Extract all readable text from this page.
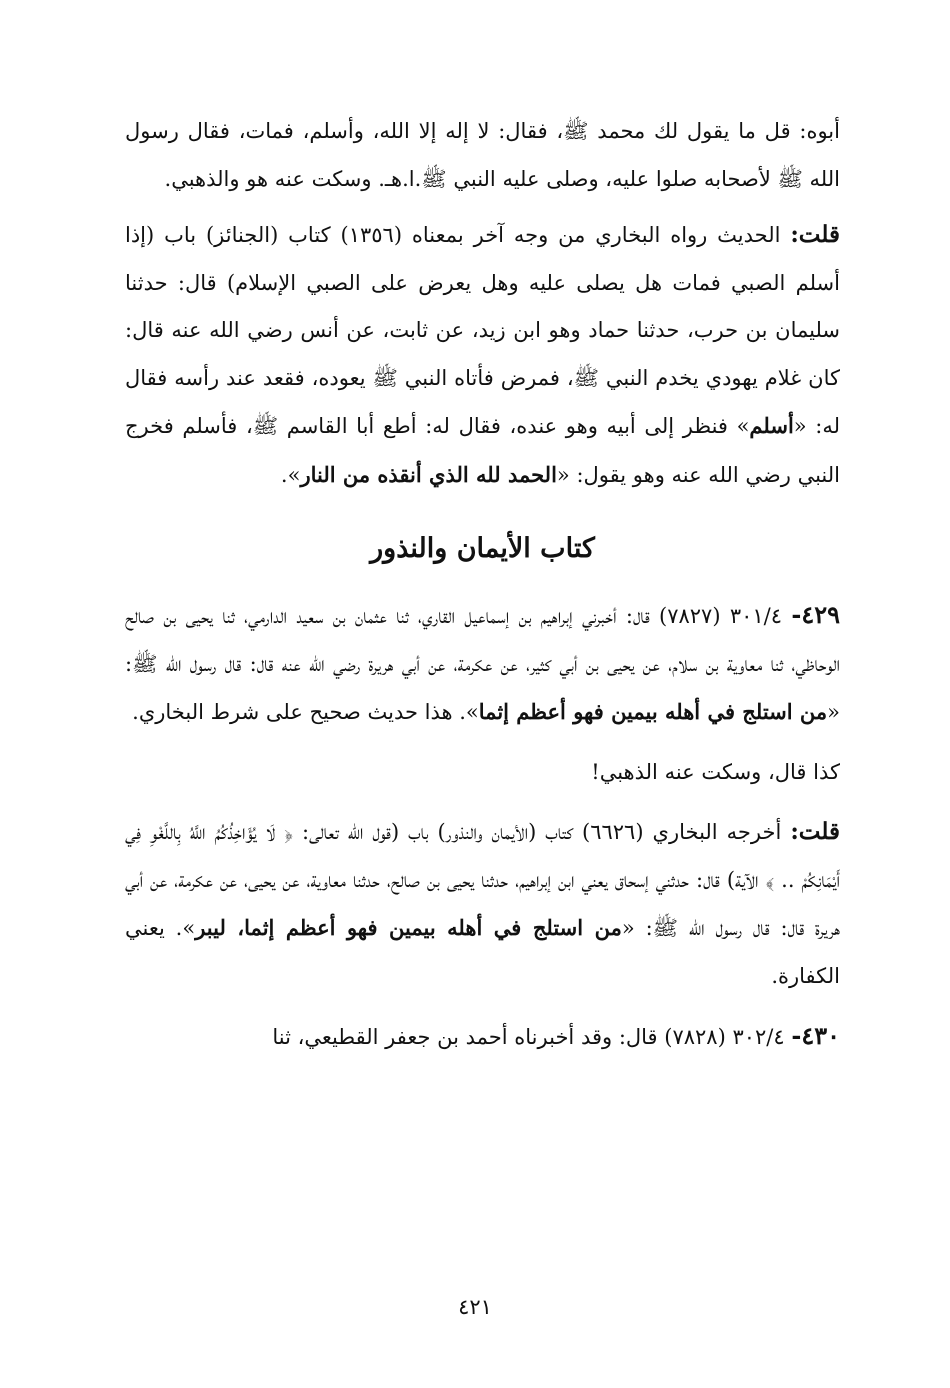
أبوه: قل ما يقول لك محمد ﷺ، فقال: لا إله إلا الله، وأسلم، فمات، فقال رسول الله ﷺ لأصحابه صلوا عليه، وصلى عليه النبي ﷺ.ا.هـ. وسكت عنه هو والذهبي.

قلت: الحديث رواه البخاري من وجه آخر بمعناه (١٣٥٦) كتاب (الجنائز) باب (إذا أسلم الصبي فمات هل يصلى عليه وهل يعرض على الصبي الإسلام) قال: حدثنا سليمان بن حرب، حدثنا حماد وهو ابن زيد، عن ثابت، عن أنس رضي الله عنه قال: كان غلام يهودي يخدم النبي ﷺ، فمرض فأتاه النبي ﷺ يعوده، فقعد عند رأسه فقال له: «أسلم» فنظر إلى أبيه وهو عنده، فقال له: أطع أبا القاسم ﷺ، فأسلم فخرج النبي رضي الله عنه وهو يقول: «الحمد لله الذي أنقذه من النار».

كتاب الأيمان والنذور

٤٢٩- ٣٠١/٤ (٧٨٢٧) قال: أخبرني إبراهيم بن إسماعيل القاري، ثنا عثمان بن سعيد الدارمي، ثنا يحيى بن صالح الوحاظي، ثنا معاوية بن سلام، عن يحيى بن أبي كثير، عن عكرمة، عن أبي هريرة رضي الله عنه قال: قال رسول الله ﷺ: «من استلج في أهله بيمين فهو أعظم إثما». هذا حديث صحيح على شرط البخاري.

كذا قال، وسكت عنه الذهبي!

قلت: أخرجه البخاري (٦٦٢٦) كتاب (الأيمان والنذور) باب (قول الله تعالى: ﴿ لَا يُؤَاخِذُكُمُ اللَّهُ بِاللَّغْوِ فِي أَيْمَانِكُمْ .. ﴾ الآية) قال: حدثني إسحاق يعني ابن إبراهيم، حدثنا يحيى بن صالح، حدثنا معاوية، عن يحيى، عن عكرمة، عن أبي هريرة قال: قال رسول الله ﷺ: «من استلج في أهله بيمين فهو أعظم إثما، ليبر». يعني الكفارة.

٤٣٠- ٣٠٢/٤ (٧٨٢٨) قال: وقد أخبرناه أحمد بن جعفر القطيعي، ثنا

٤٢١
